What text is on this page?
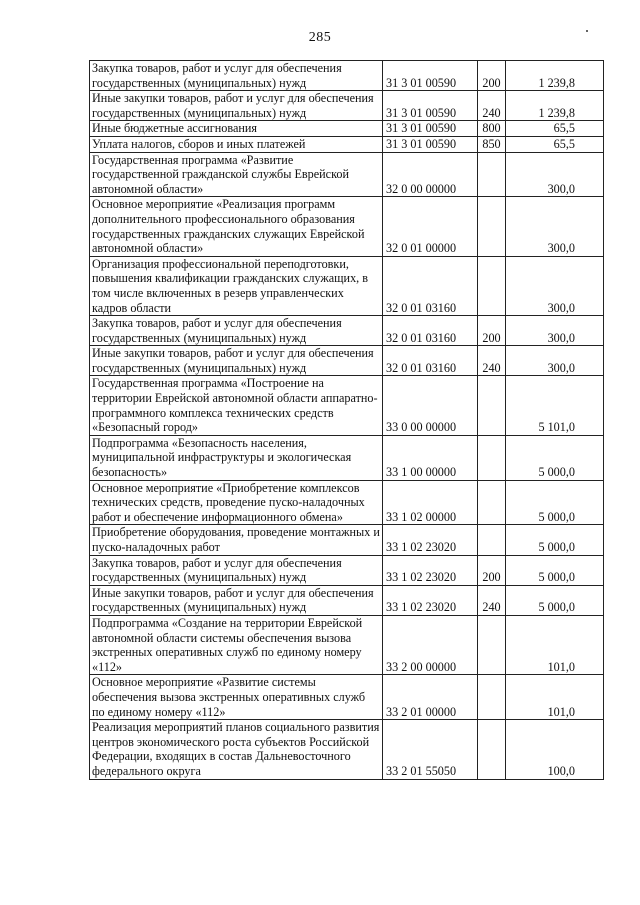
285
Закупка товаров, работ и услуг для обеспечения государственных (муниципальных) нужд	31 3 01 00590	200	1 239,8
Иные закупки товаров, работ и услуг для обеспечения государственных (муниципальных) нужд	31 3 01 00590	240	1 239,8
Иные бюджетные ассигнования	31 3 01 00590	800	65,5
Уплата налогов, сборов и иных платежей	31 3 01 00590	850	65,5
Государственная программа «Развитие государственной гражданской службы Еврейской автономной области»	32 0 00 00000		300,0
Основное мероприятие «Реализация программ дополнительного профессионального образования государственных гражданских служащих Еврейской автономной области»	32 0 01 00000		300,0
Организация профессиональной переподготовки, повышения квалификации гражданских служащих, в том числе включенных в резерв управленческих кадров области	32 0 01 03160		300,0
Закупка товаров, работ и услуг для обеспечения государственных (муниципальных) нужд	32 0 01 03160	200	300,0
Иные закупки товаров, работ и услуг для обеспечения государственных (муниципальных) нужд	32 0 01 03160	240	300,0
Государственная программа «Построение на территории Еврейской автономной области аппаратно-программного комплекса технических средств «Безопасный город»	33 0 00 00000		5 101,0
Подпрограмма «Безопасность населения, муниципальной инфраструктуры и экологическая безопасность»	33 1 00 00000		5 000,0
Основное мероприятие «Приобретение комплексов технических средств, проведение пуско-наладочных работ и обеспечение информационного обмена»	33 1 02 00000		5 000,0
Приобретение оборудования, проведение монтажных и пуско-наладочных работ	33 1 02 23020		5 000,0
Закупка товаров, работ и услуг для обеспечения государственных (муниципальных) нужд	33 1 02 23020	200	5 000,0
Иные закупки товаров, работ и услуг для обеспечения государственных (муниципальных) нужд	33 1 02 23020	240	5 000,0
Подпрограмма «Создание на территории Еврейской автономной области системы обеспечения вызова экстренных оперативных служб по единому номеру «112»	33 2 00 00000		101,0
Основное мероприятие «Развитие системы обеспечения вызова экстренных оперативных служб по единому номеру «112»	33 2 01 00000		101,0
Реализация мероприятий планов социального развития центров экономического роста субъектов Российской Федерации, входящих в состав Дальневосточного федерального округа	33 2 01 55050		100,0
